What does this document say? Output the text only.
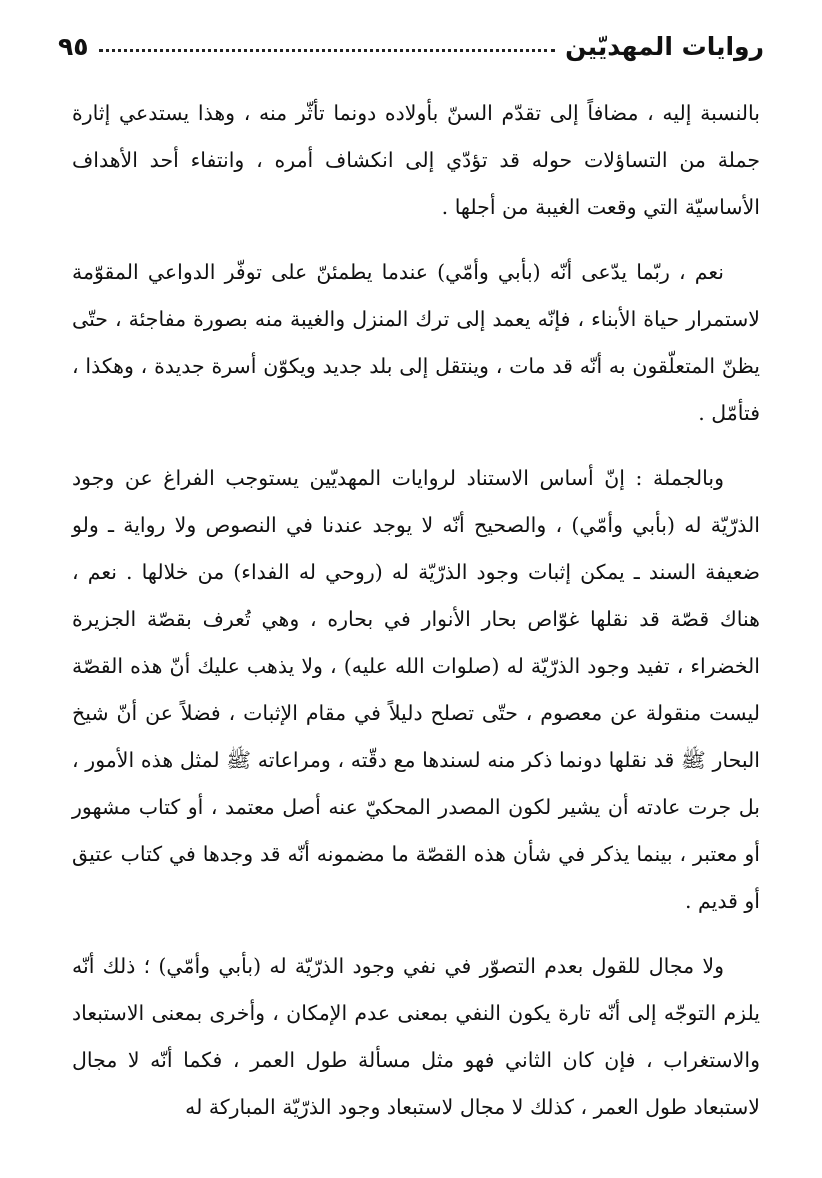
روايات المهديّين
٩٥

بالنسبة إليه ، مضافاً إلى تقدّم السنّ بأولاده دونما تأثّر منه ، وهذا يستدعي إثارة جملة من التساؤلات حوله قد تؤدّي إلى انكشاف أمره ، وانتفاء أحد الأهداف الأساسيّة التي وقعت الغيبة من أجلها .

نعم ، ربّما يدّعى أنّه (بأبي وأمّي) عندما يطمئنّ على توفّر الدواعي المقوّمة لاستمرار حياة الأبناء ، فإنّه يعمد إلى ترك المنزل والغيبة منه بصورة مفاجئة ، حتّى يظنّ المتعلّقون به أنّه قد مات ، وينتقل إلى بلد جديد ويكوّن أسرة جديدة ، وهكذا ، فتأمّل .

وبالجملة : إنّ أساس الاستناد لروايات المهديّين يستوجب الفراغ عن وجود الذرّيّة له (بأبي وأمّي) ، والصحيح أنّه لا يوجد عندنا في النصوص ولا رواية ـ ولو ضعيفة السند ـ يمكن إثبات وجود الذرّيّة له (روحي له الفداء) من خلالها . نعم ، هناك قصّة قد نقلها غوّاص بحار الأنوار في بحاره ، وهي تُعرف بقصّة الجزيرة الخضراء ، تفيد وجود الذرّيّة له (صلوات الله عليه) ، ولا يذهب عليك أنّ هذه القصّة ليست منقولة عن معصوم ، حتّى تصلح دليلاً في مقام الإثبات ، فضلاً عن أنّ شيخ البحار ﷺ قد نقلها دونما ذكر منه لسندها مع دقّته ، ومراعاته ﷺ لمثل هذه الأمور ، بل جرت عادته أن يشير لكون المصدر المحكيّ عنه أصل معتمد ، أو كتاب مشهور أو معتبر ، بينما يذكر في شأن هذه القصّة ما مضمونه أنّه قد وجدها في كتاب عتيق أو قديم .

ولا مجال للقول بعدم التصوّر في نفي وجود الذرّيّة له (بأبي وأمّي) ؛ ذلك أنّه يلزم التوجّه إلى أنّه تارة يكون النفي بمعنى عدم الإمكان ، وأخرى بمعنى الاستبعاد والاستغراب ، فإن كان الثاني فهو مثل مسألة طول العمر ، فكما أنّه لا مجال لاستبعاد طول العمر ، كذلك لا مجال لاستبعاد وجود الذرّيّة المباركة له
